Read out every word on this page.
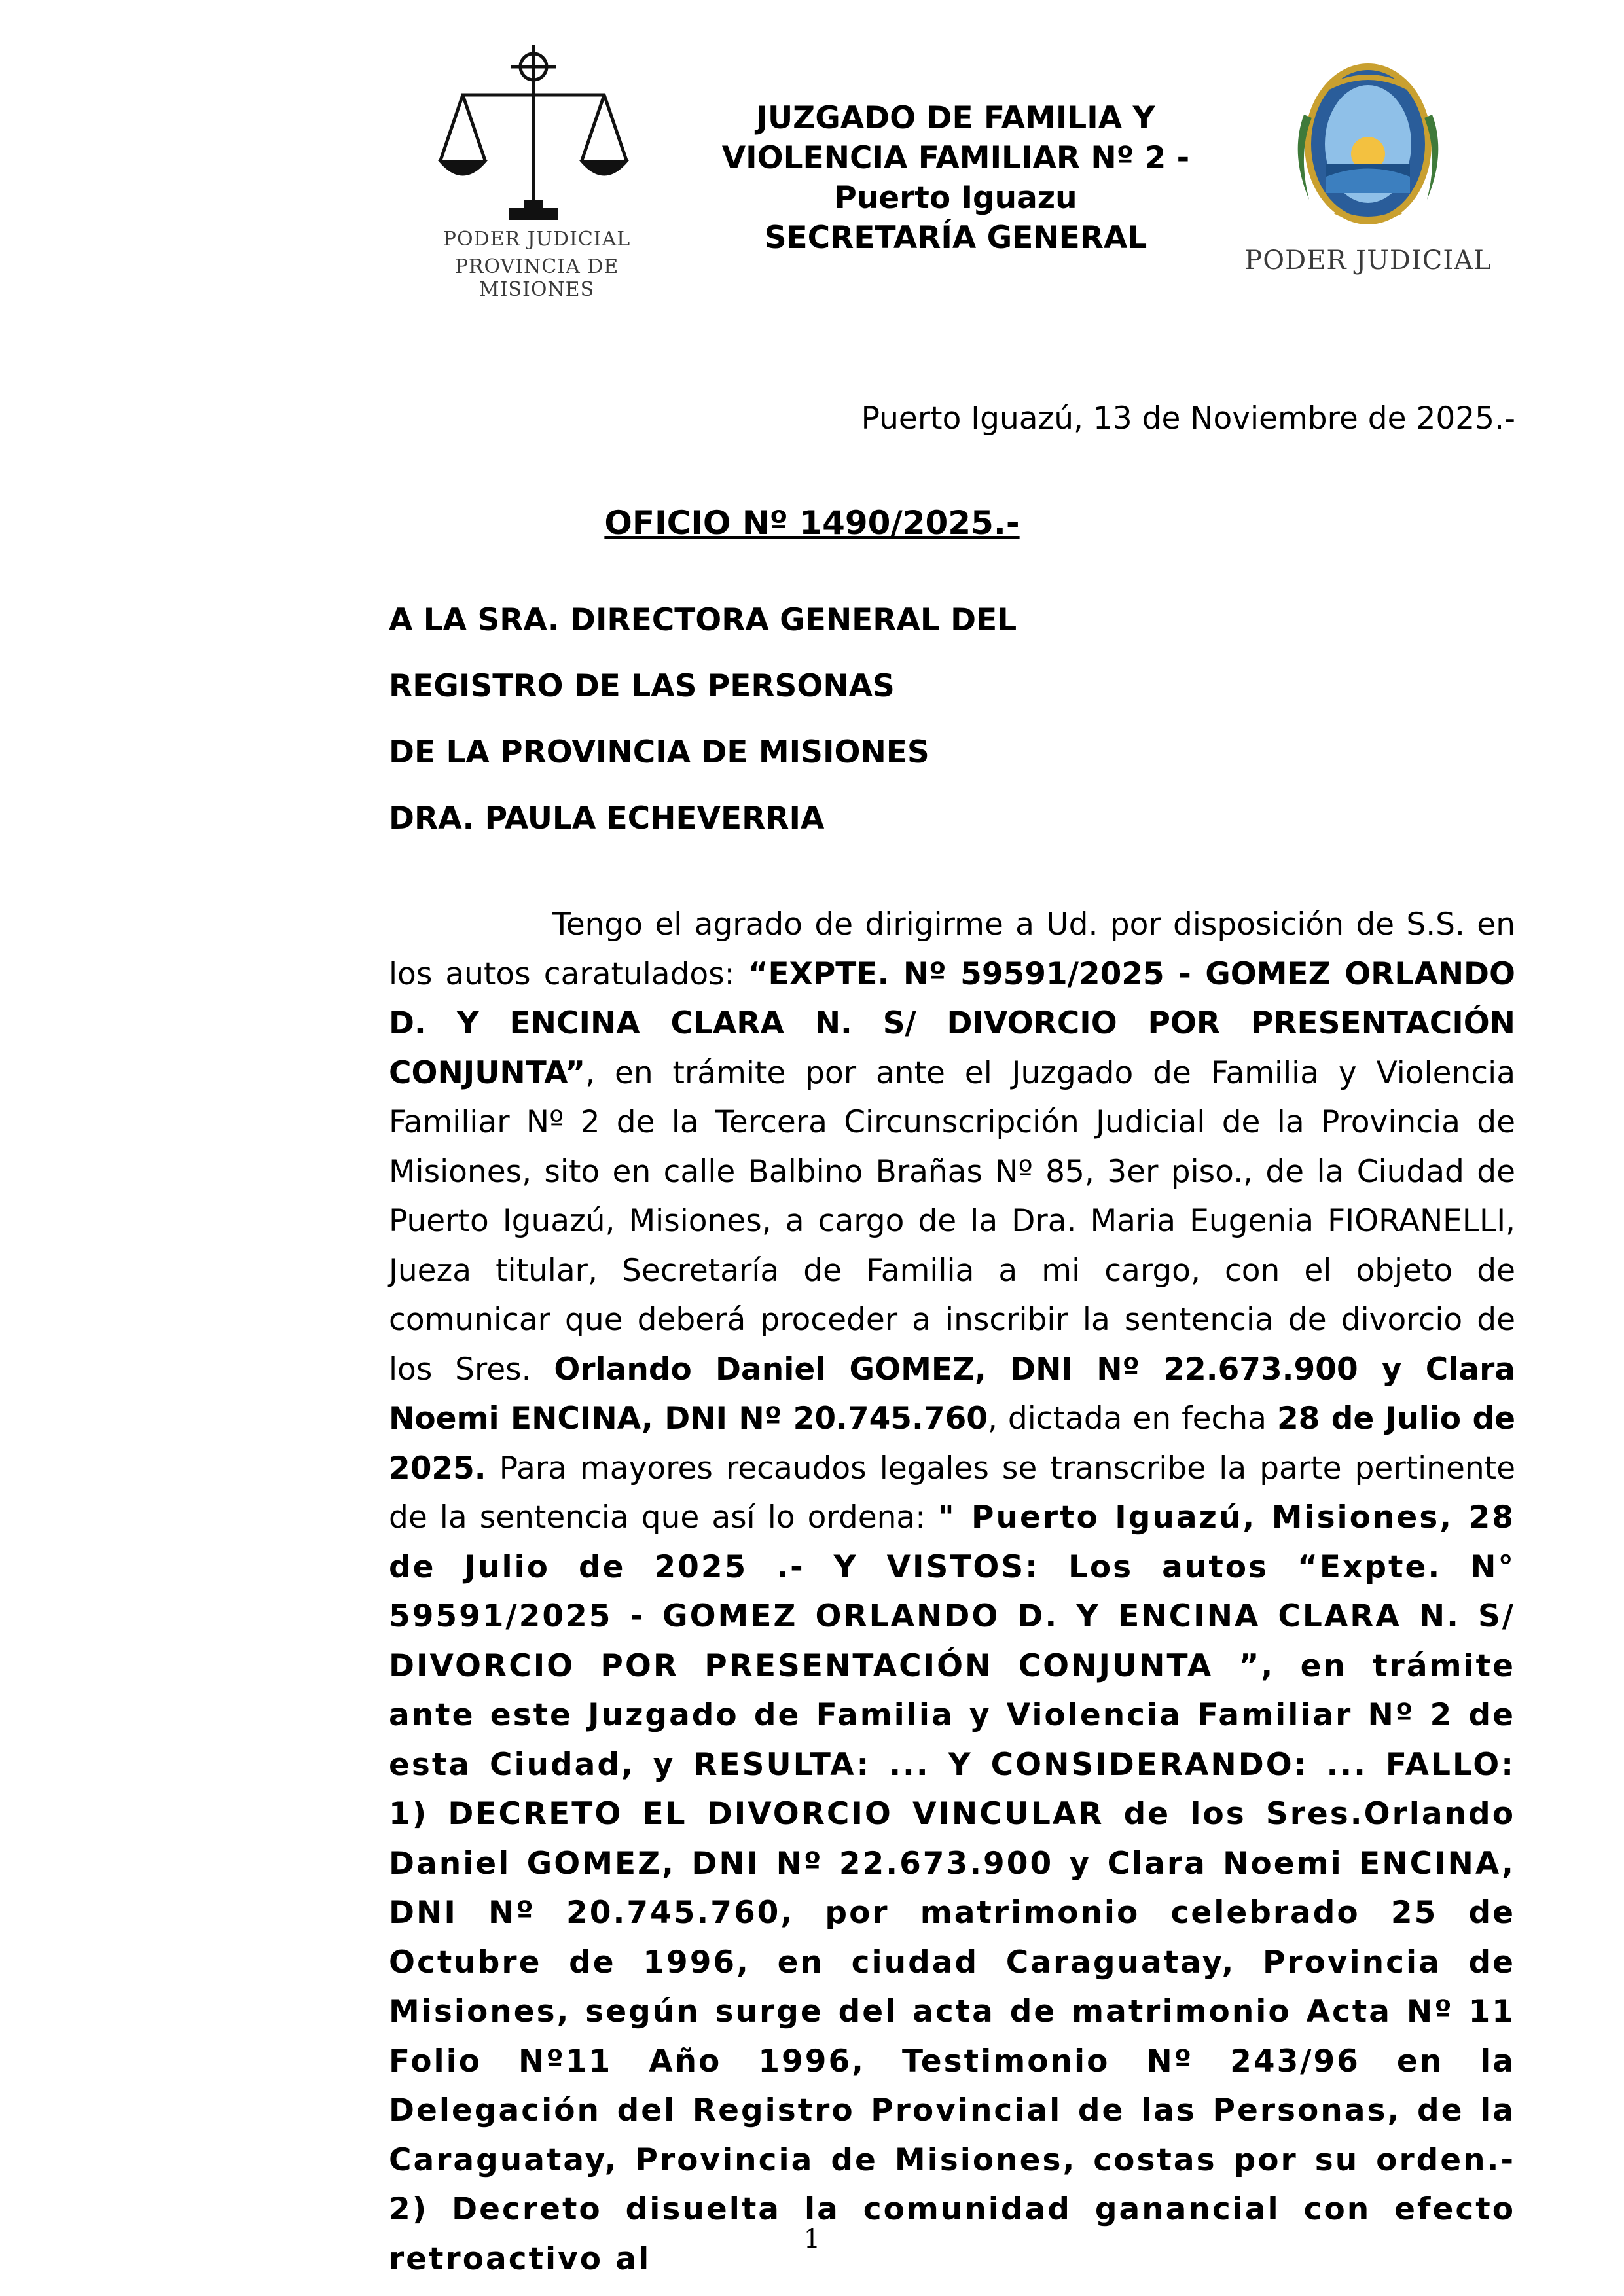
PODER JUDICIAL
PROVINCIA DE MISIONES
JUZGADO DE FAMILIA Y
VIOLENCIA FAMILIAR Nº 2 -
Puerto Iguazu
SECRETARÍA GENERAL
PODER JUDICIAL
Puerto Iguazú, 13 de Noviembre de 2025.-
OFICIO Nº 1490/2025.-
A LA SRA. DIRECTORA GENERAL DEL
REGISTRO DE LAS PERSONAS
DE LA PROVINCIA DE MISIONES
DRA. PAULA ECHEVERRIA
Tengo el agrado de dirigirme a Ud. por disposición de S.S. en los autos caratulados: “EXPTE. Nº 59591/2025 - GOMEZ ORLANDO D. Y ENCINA CLARA N. S/ DIVORCIO POR PRESENTACIÓN CONJUNTA”, en trámite por ante el Juzgado de Familia y Violencia Familiar Nº 2 de la Tercera Circunscripción Judicial de la Provincia de Misiones, sito en calle Balbino Brañas Nº 85, 3er piso., de la Ciudad de Puerto Iguazú, Misiones, a cargo de la Dra. Maria Eugenia FIORANELLI, Jueza titular, Secretaría de Familia a mi cargo, con el objeto de comunicar que deberá proceder a inscribir la sentencia de divorcio de los Sres. Orlando Daniel GOMEZ, DNI Nº 22.673.900 y Clara Noemi ENCINA, DNI Nº 20.745.760, dictada en fecha 28 de Julio de 2025. Para mayores recaudos legales se transcribe la parte pertinente de la sentencia que así lo ordena: " Puerto Iguazú, Misiones, 28 de Julio de 2025 .- Y VISTOS: Los autos “Expte. N° 59591/2025 - GOMEZ ORLANDO D. Y ENCINA CLARA N. S/ DIVORCIO POR PRESENTACIÓN CONJUNTA ”, en trámite ante este Juzgado de Familia y Violencia Familiar Nº 2 de esta Ciudad, y RESULTA: ... Y CONSIDERANDO: ... FALLO: 1) DECRETO EL DIVORCIO VINCULAR de los Sres.Orlando Daniel GOMEZ, DNI Nº 22.673.900 y Clara Noemi ENCINA, DNI Nº 20.745.760, por matrimonio celebrado 25 de Octubre de 1996, en ciudad Caraguatay, Provincia de Misiones, según surge del acta de matrimonio Acta Nº 11 Folio Nº11 Año 1996, Testimonio Nº 243/96 en la Delegación del Registro Provincial de las Personas, de la Caraguatay, Provincia de Misiones, costas por su orden.- 2) Decreto disuelta la comunidad ganancial con efecto retroactivo al
1
